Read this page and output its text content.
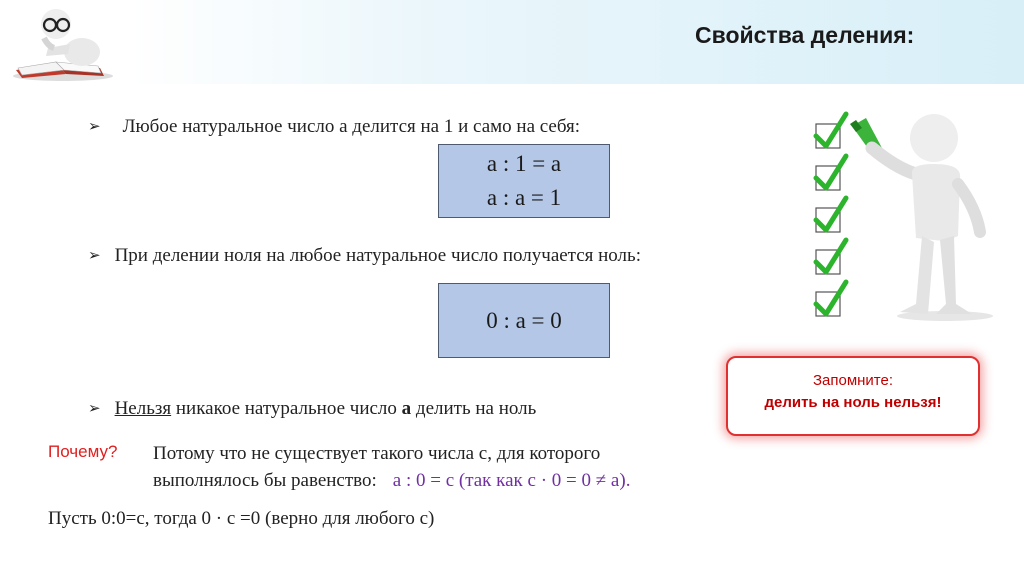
Свойства деления:
➢ Любое натуральное число а делится на 1 и само на себя:
а : 1 = а
а : а = 1
➢ При делении ноля на любое натуральное число получается ноль:
0 : а = 0
➢ Нельзя никакое натуральное число а делить на ноль
Почему? Потому что не существует такого числа с, для которого
выполнялось бы равенство: а : 0 = с (так как с · 0 = 0 ≠ а).
Пусть 0:0=с, тогда 0 · с =0 (верно для любого с)
Запомните:
делить на ноль нельзя!
